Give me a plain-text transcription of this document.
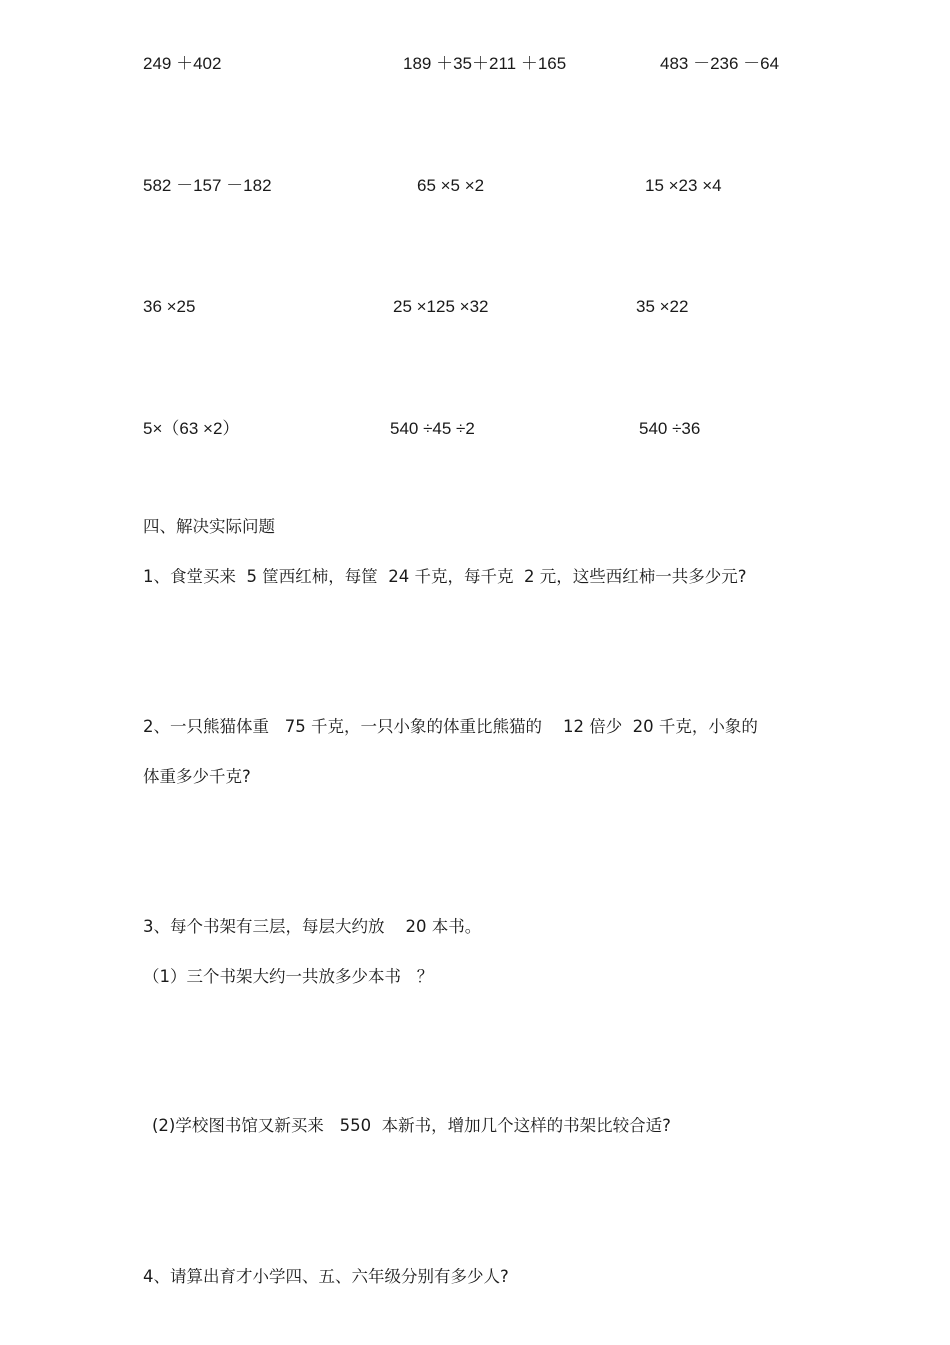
249 ＋402	189 ＋35＋211 ＋165	483 －236 －64
582 －157 －182	65 ×5 ×2	15 ×23 ×4
36 ×25	25 ×125 ×32	35 ×22
5×（63 ×2）	540 ÷45 ÷2	540 ÷36
四、解决实际问题
1、食堂买来  5 筐西红柿，每筐  24 千克，每千克  2 元，这些西红柿一共多少元?
2、一只熊猫体重   75 千克，一只小象的体重比熊猫的    12 倍少  20 千克，小象的
体重多少千克?
3、每个书架有三层，每层大约放    20 本书。
（1）三个书架大约一共放多少本书   ？
(2)学校图书馆又新买来   550  本新书，增加几个这样的书架比较合适?
4、请算出育才小学四、五、六年级分别有多少人?
